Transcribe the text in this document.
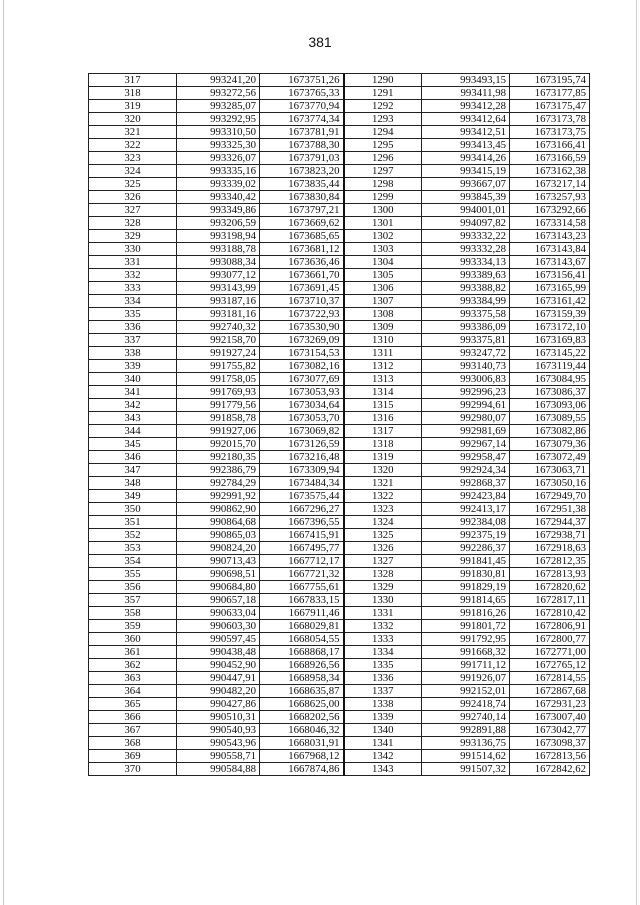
381
317	993241,20	1673751,26	1290	993493,15	1673195,74
318	993272,56	1673765,33	1291	993411,98	1673177,85
319	993285,07	1673770,94	1292	993412,28	1673175,47
320	993292,95	1673774,34	1293	993412,64	1673173,78
321	993310,50	1673781,91	1294	993412,51	1673173,75
322	993325,30	1673788,30	1295	993413,45	1673166,41
323	993326,07	1673791,03	1296	993414,26	1673166,59
324	993335,16	1673823,20	1297	993415,19	1673162,38
325	993339,02	1673835,44	1298	993667,07	1673217,14
326	993340,42	1673830,84	1299	993845,39	1673257,93
327	993349,86	1673797,21	1300	994001,01	1673292,66
328	993206,59	1673669,62	1301	994097,82	1673314,58
329	993198,94	1673685,65	1302	993332,22	1673143,23
330	993188,78	1673681,12	1303	993332,28	1673143,84
331	993088,34	1673636,46	1304	993334,13	1673143,67
332	993077,12	1673661,70	1305	993389,63	1673156,41
333	993143,99	1673691,45	1306	993388,82	1673165,99
334	993187,16	1673710,37	1307	993384,99	1673161,42
335	993181,16	1673722,93	1308	993375,58	1673159,39
336	992740,32	1673530,90	1309	993386,09	1673172,10
337	992158,70	1673269,09	1310	993375,81	1673169,83
338	991927,24	1673154,53	1311	993247,72	1673145,22
339	991755,82	1673082,16	1312	993140,73	1673119,44
340	991758,05	1673077,69	1313	993006,83	1673084,95
341	991769,93	1673053,93	1314	992996,23	1673086,37
342	991779,56	1673034,64	1315	992994,61	1673093,06
343	991858,78	1673053,70	1316	992980,07	1673089,55
344	991927,06	1673069,82	1317	992981,69	1673082,86
345	992015,70	1673126,59	1318	992967,14	1673079,36
346	992180,35	1673216,48	1319	992958,47	1673072,49
347	992386,79	1673309,94	1320	992924,34	1673063,71
348	992784,29	1673484,34	1321	992868,37	1673050,16
349	992991,92	1673575,44	1322	992423,84	1672949,70
350	990862,90	1667296,27	1323	992413,17	1672951,38
351	990864,68	1667396,55	1324	992384,08	1672944,37
352	990865,03	1667415,91	1325	992375,19	1672938,71
353	990824,20	1667495,77	1326	992286,37	1672918,63
354	990713,43	1667712,17	1327	991841,45	1672812,35
355	990698,51	1667721,32	1328	991830,81	1672813,93
356	990684,80	1667755,61	1329	991829,19	1672820,62
357	990657,18	1667833,15	1330	991814,65	1672817,11
358	990633,04	1667911,46	1331	991816,26	1672810,42
359	990603,30	1668029,81	1332	991801,72	1672806,91
360	990597,45	1668054,55	1333	991792,95	1672800,77
361	990438,48	1668868,17	1334	991668,32	1672771,00
362	990452,90	1668926,56	1335	991711,12	1672765,12
363	990447,91	1668958,34	1336	991926,07	1672814,55
364	990482,20	1668635,87	1337	992152,01	1672867,68
365	990427,86	1668625,00	1338	992418,74	1672931,23
366	990510,31	1668202,56	1339	992740,14	1673007,40
367	990540,93	1668046,32	1340	992891,88	1673042,77
368	990543,96	1668031,91	1341	993136,75	1673098,37
369	990558,71	1667968,12	1342	991514,62	1672813,56
370	990584,88	1667874,86	1343	991507,32	1672842,62
